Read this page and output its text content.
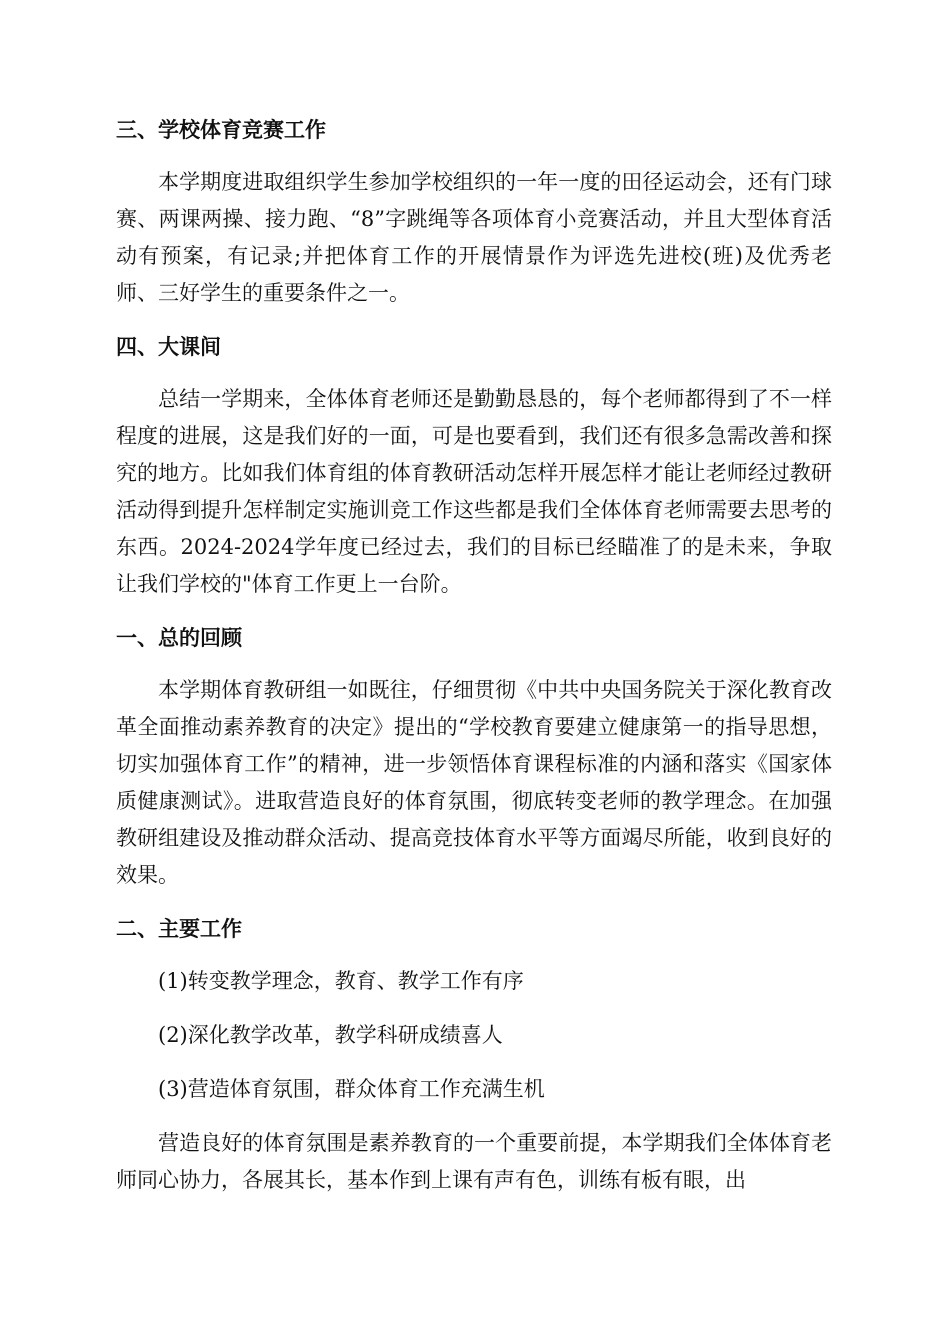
三、学校体育竞赛工作

本学期度进取组织学生参加学校组织的一年一度的田径运动会，还有门球赛、两课两操、接力跑、“8”字跳绳等各项体育小竞赛活动，并且大型体育活动有预案，有记录;并把体育工作的开展情景作为评选先进校(班)及优秀老师、三好学生的重要条件之一。

四、大课间

总结一学期来，全体体育老师还是勤勤恳恳的，每个老师都得到了不一样程度的进展，这是我们好的一面，可是也要看到，我们还有很多急需改善和探究的地方。比如我们体育组的体育教研活动怎样开展怎样才能让老师经过教研活动得到提升怎样制定实施训竞工作这些都是我们全体体育老师需要去思考的东西。2024-2024学年度已经过去，我们的目标已经瞄准了的是未来，争取让我们学校的"体育工作更上一台阶。

一、总的回顾

本学期体育教研组一如既往，仔细贯彻《中共中央国务院关于深化教育改革全面推动素养教育的决定》提出的“学校教育要建立健康第一的指导思想，切实加强体育工作”的精神，进一步领悟体育课程标准的内涵和落实《国家体质健康测试》。进取营造良好的体育氛围，彻底转变老师的教学理念。在加强教研组建设及推动群众活动、提高竞技体育水平等方面竭尽所能，收到良好的效果。

二、主要工作

(1)转变教学理念，教育、教学工作有序

(2)深化教学改革，教学科研成绩喜人

(3)营造体育氛围，群众体育工作充满生机

营造良好的体育氛围是素养教育的一个重要前提，本学期我们全体体育老师同心协力，各展其长，基本作到上课有声有色，训练有板有眼，出
